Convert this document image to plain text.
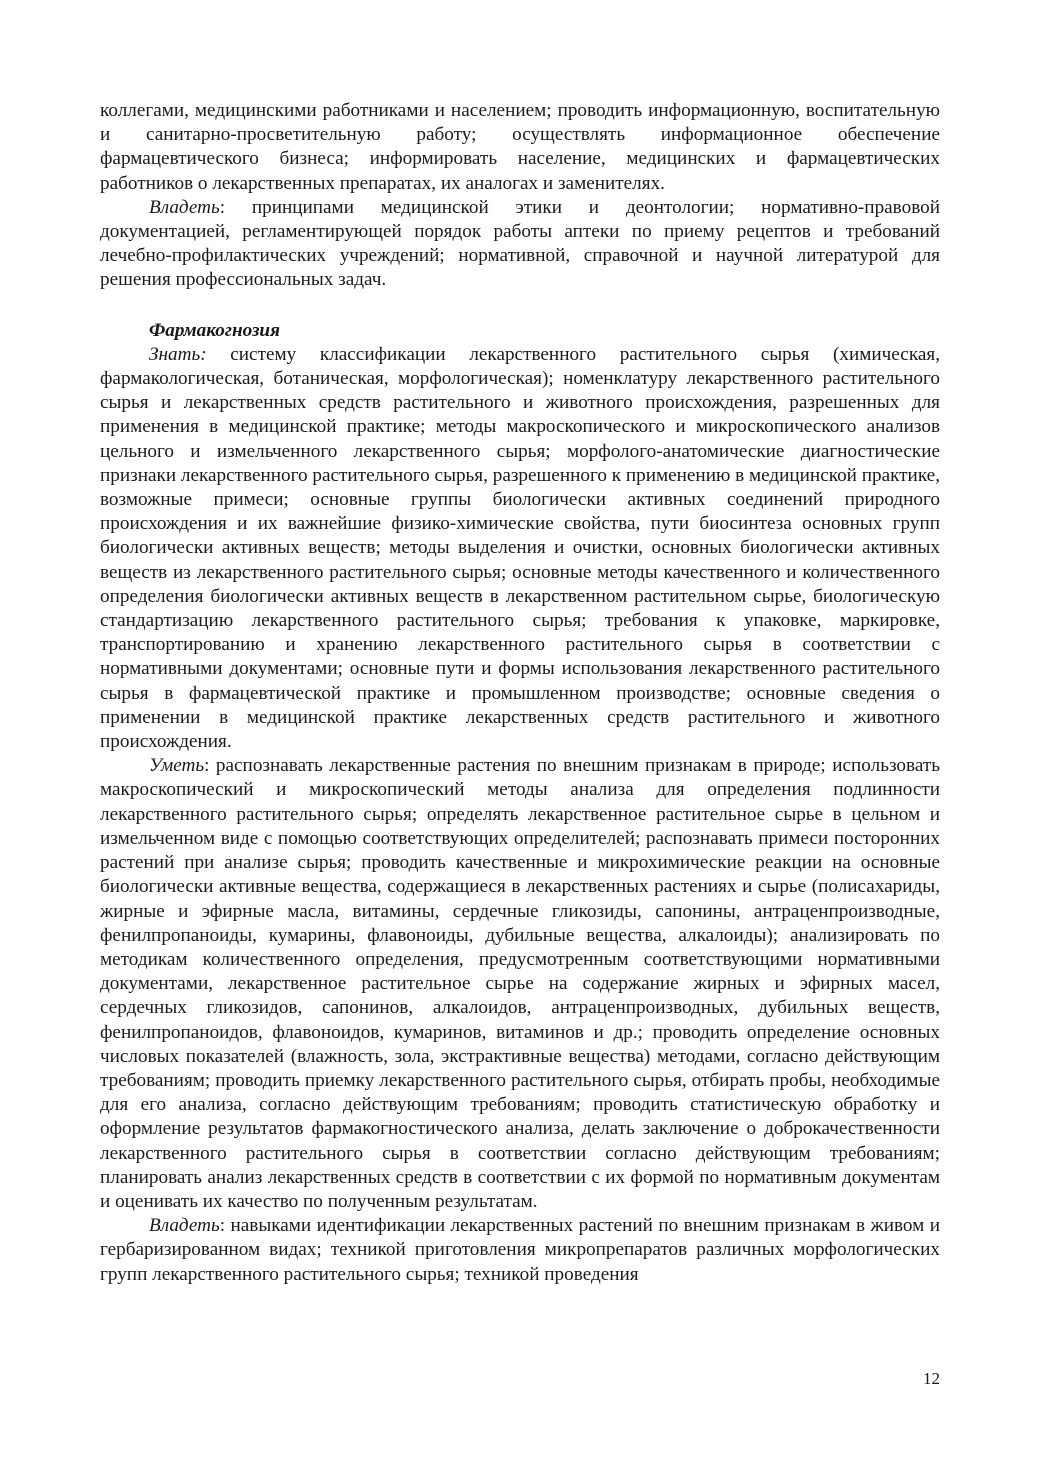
коллегами, медицинскими работниками и населением; проводить информационную, воспитательную и санитарно-просветительную работу; осуществлять информационное обеспечение фармацевтического бизнеса; информировать население, медицинских и фармацевтических работников о лекарственных препаратах, их аналогах и заменителях.

Владеть: принципами медицинской этики и деонтологии; нормативно-правовой документацией, регламентирующей порядок работы аптеки по приему рецептов и требований лечебно-профилактических учреждений; нормативной, справочной и научной литературой для решения профессиональных задач.

Фармакогнозия

Знать: систему классификации лекарственного растительного сырья (химическая, фармакологическая, ботаническая, морфологическая); номенклатуру лекарственного растительного сырья и лекарственных средств растительного и животного происхождения, разрешенных для применения в медицинской практике; методы макроскопического и микроскопического анализов цельного и измельченного лекарственного сырья; морфолого-анатомические диагностические признаки лекарственного растительного сырья, разрешенного к применению в медицинской практике, возможные примеси; основные группы биологически активных соединений природного происхождения и их важнейшие физико-химические свойства, пути биосинтеза основных групп биологически активных веществ; методы выделения и очистки, основных биологически активных веществ из лекарственного растительного сырья; основные методы качественного и количественного определения биологически активных веществ в лекарственном растительном сырье, биологическую стандартизацию лекарственного растительного сырья; требования к упаковке, маркировке, транспортированию и хранению лекарственного растительного сырья в соответствии с нормативными документами; основные пути и формы использования лекарственного растительного сырья в фармацевтической практике и промышленном производстве; основные сведения о применении в медицинской практике лекарственных средств растительного и животного происхождения.

Уметь: распознавать лекарственные растения по внешним признакам в природе; использовать макроскопический и микроскопический методы анализа для определения подлинности лекарственного растительного сырья; определять лекарственное растительное сырье в цельном и измельченном виде с помощью соответствующих определителей; распознавать примеси посторонних растений при анализе сырья; проводить качественные и микрохимические реакции на основные биологически активные вещества, содержащиеся в лекарственных растениях и сырье (полисахариды, жирные и эфирные масла, витамины, сердечные гликозиды, сапонины, антраценпроизводные, фенилпропаноиды, кумарины, флавоноиды, дубильные вещества, алкалоиды); анализировать по методикам количественного определения, предусмотренным соответствующими нормативными документами, лекарственное растительное сырье на содержание жирных и эфирных масел, сердечных гликозидов, сапонинов, алкалоидов, антраценпроизводных, дубильных веществ, фенилпропаноидов, флавоноидов, кумаринов, витаминов и др.; проводить определение основных числовых показателей (влажность, зола, экстрактивные вещества) методами, согласно действующим требованиям; проводить приемку лекарственного растительного сырья, отбирать пробы, необходимые для его анализа, согласно действующим требованиям; проводить статистическую обработку и оформление результатов фармакогностического анализа, делать заключение о доброкачественности лекарственного растительного сырья в соответствии согласно действующим требованиям; планировать анализ лекарственных средств в соответствии с их формой по нормативным документам и оценивать их качество по полученным результатам.

Владеть: навыками идентификации лекарственных растений по внешним признакам в живом и гербаризированном видах; техникой приготовления микропрепаратов различных морфологических групп лекарственного растительного сырья; техникой проведения

12
